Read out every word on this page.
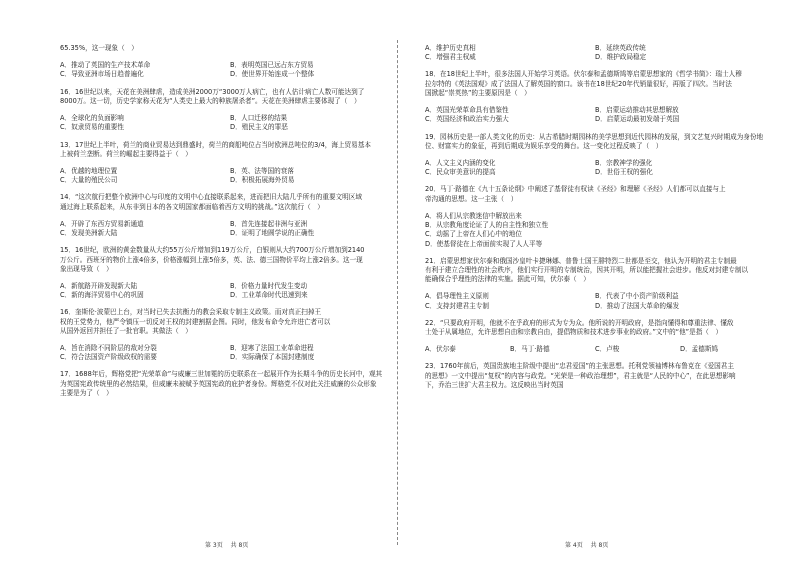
65.35%，这一现象（　）
A．推动了英国的生产技术革命	B．表明英国已远占东方贸易
C．导致亚洲市场日趋普遍化	D．使世界开始连成一个整体
16．16世纪以来，天花在美洲肆虐，造成美洲2000万“3000万人病亡，也有人估计病亡人数可能达到了
8000万。这一切，历史学家称天花为“人类史上最大的种族屠杀者”。天花在美洲肆虐主要体现了（　）
A．全球化的负面影响	B．人口迁移的结果
C．奴隶贸易的重要性	D．殖民主义的罪恶
13．17世纪上半叶，荷兰的商业贸易达到鼎盛时，荷兰的商船吨位占当时欧洲总吨位的3/4，海上贸易基本
上被荷兰垄断。荷兰的崛起主要得益于（　）
A．优越的地理位置	B．英、法等国的衰落
C．大量的殖民公司	D．积极拓展海外贸易
14．“这次航行把整个欧洲中心与印度的文明中心直接联系起来，进而把旧大陆几乎所有的重要文明区域
通过海上联系起来，从东非到日本的各文明国家都面临着西方文明的挑战。”这次航行（　）
A．开辟了东西方贸易新通道	B．首先连接起非洲与亚洲
C．发现美洲新大陆	D．证明了地圆学说的正确性
15．16世纪，欧洲的黄金数量从大约55万公斤增加到119万公斤，白银则从大约700万公斤增加到2140
万公斤。西班牙的物价上涨4倍多，价格涨幅到上涨5倍多，英、法、德三国物价平均上涨2倍多。这一现
象出现导致（　）
A．新航路开辟发现新大陆	B．价格力量时代发生变动
C．新的海洋贸易中心的巩固	D．工业革命时代迅速到来
16．奎斯伦·波蒙巴上台，对当时已失去抗衡力的教会采取专制主义政策。而对真正扫掉王
权的王党势力，他严令镇压一切反对王权的封建割据企图。同时，他发布命令允许进亡者可以
从国外返回并担任了一批官职。其做法（　）
A．旨在消除不同阶层的敌对分裂	B．迎寒了法国工业革命进程
C．符合法国资产阶级政权的需要	D．实际确保了本国封建制度
17．1688年后，辉格党把“光荣革命”与威廉三世加冕的历史联系在一起展开作为长期斗争的历史长河中，观其
为英国宪政传统里的必然结果，但威廉未被赋予英国宪政的庇护者身份。辉格党不仅对此关注威廉的公众形象
主要是为了（　）
A．维护历史真相	B．延续英政传统
C．增强君主权威	D．维护政局稳定
18．在18世纪上半叶，很多法国人开始学习英语。伏尔泰和孟德斯鸠等启蒙思想家的《哲学书简》：瑞士人穆
拉尔特的《英法国观》成了法国人了解英国的窗口。该书在18世纪20年代销量很好，再版了四次。当时法
国掀起“崇英热”的主要原因是（　）
A．英国光荣革命具有借鉴性	B．启蒙运动推动其思想解放
C．英国经济和政治实力强大	D．启蒙运动最初发端于英国
19．园林历史是一部人类文化的历史：从古希腊时期园林的美学思想到近代园林的发展，到文艺复兴时期成为身份地
位、财富实力的象征，再到后期成为娱乐享受的舞台。这一变化过程反映了（　）
A．人文主义内涵的变化	B．宗教神学的强化
C．民众审美意识的提高	D．世俗王权的强化
20．马丁·路德在《九十五条论纲》中阐述了基督徒有权读《圣经》和理解《圣经》人们都可以直接与上
帝沟通的思想。这一主张（　）
A．将人们从宗教迷信中解放出来
B．从宗教角度论证了人的自主性和独立性
C．动摇了上帝在人们心中的地位
D．使基督徒在上帝面前实现了人人平等
21．启蒙思想家伏尔泰和俄国沙皇叶卡捷琳娜、普鲁士国王腓特烈二世都是至交，他认为开明的君主专制最
有利于建立合理性的社会秩序，他们实行开明的专制统治，因其开明，所以能把握社会进步。他反对封建专制以
能确保合乎理性的法律的实施。据此可知，伏尔泰（　）
A．倡导理性主义原则	B．代表了中小资产阶级利益
C．支持封建君主专制	D．推动了法国大革命的爆发
22．“只要政府开明，他就不在乎政府的形式为专为众。他所说的开明政府，是指向懂得和尊重法律、懂敌
士处于从属地位，允许思想自由和宗教自由，提倡物质和技术进步事业的政府。”文中的“他”是指（　）
A．伏尔泰	B．马丁·路德	C．卢梭	D．孟德斯鸠
23．1760年前后，英国贵族地主阶级中提出“忠君爱国”的主张思想。托利党领袖博林布鲁克在《爱国君主
的思想》一文中提出“复权”的内容与政党。“光荣是一种政治理想”，君主就是“人民的中心”，在此思想影响
下，乔治三世扩大君主权力。这反映出当时英国
第 3页　 共 8页	第 4页　 共 8页
